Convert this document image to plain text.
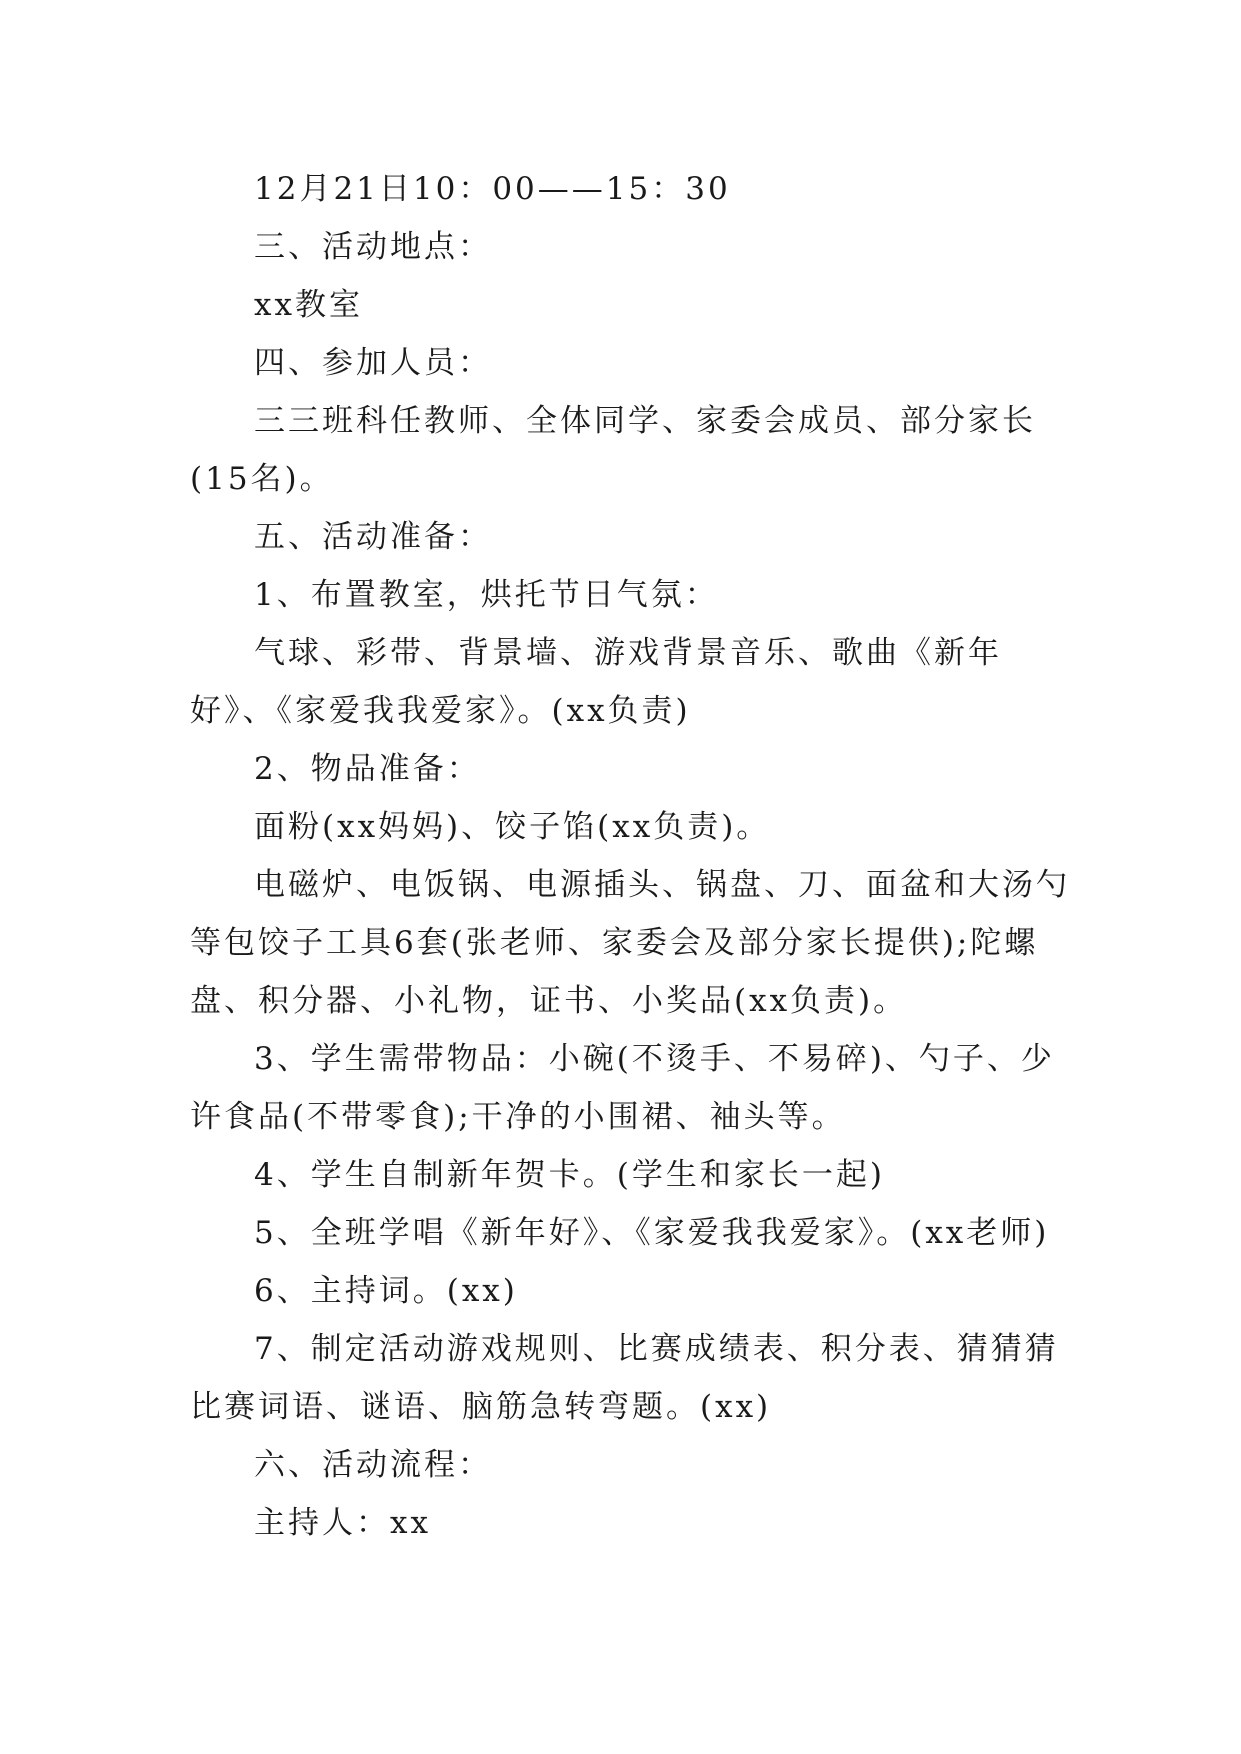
12月21日10：00——15：30

三、活动地点：

xx教室

四、参加人员：

三三班科任教师、全体同学、家委会成员、部分家长(15名)。

五、活动准备：

1、布置教室，烘托节日气氛：

气球、彩带、背景墙、游戏背景音乐、歌曲《新年好》、《家爱我我爱家》。(xx负责)

2、物品准备：

面粉(xx妈妈)、饺子馅(xx负责)。

电磁炉、电饭锅、电源插头、锅盘、刀、面盆和大汤勺等包饺子工具6套(张老师、家委会及部分家长提供);陀螺盘、积分器、小礼物，证书、小奖品(xx负责)。

3、学生需带物品：小碗(不烫手、不易碎)、勺子、少许食品(不带零食);干净的小围裙、袖头等。

4、学生自制新年贺卡。(学生和家长一起)

5、全班学唱《新年好》、《家爱我我爱家》。(xx老师)

6、主持词。(xx)

7、制定活动游戏规则、比赛成绩表、积分表、猜猜猜比赛词语、谜语、脑筋急转弯题。(xx)

六、活动流程：

主持人：xx
